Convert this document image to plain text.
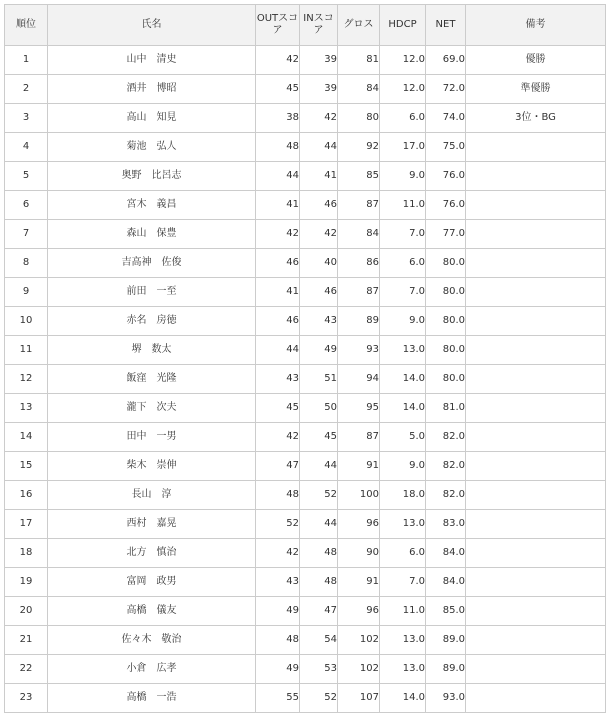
順位	氏名	OUTスコア	INスコア	グロス	HDCP	NET	備考
1	山中　清史	42	39	81	12.0	69.0	優勝
2	酒井　博昭	45	39	84	12.0	72.0	準優勝
3	高山　知見	38	42	80	6.0	74.0	3位・BG
4	菊池　弘人	48	44	92	17.0	75.0	
5	奥野　比呂志	44	41	85	9.0	76.0	
6	宮木　義昌	41	46	87	11.0	76.0	
7	森山　保豊	42	42	84	7.0	77.0	
8	吉高神　佐俊	46	40	86	6.0	80.0	
9	前田　一至	41	46	87	7.0	80.0	
10	赤名　房徳	46	43	89	9.0	80.0	
11	堺　数太	44	49	93	13.0	80.0	
12	飯窪　光隆	43	51	94	14.0	80.0	
13	瀧下　次夫	45	50	95	14.0	81.0	
14	田中　一男	42	45	87	5.0	82.0	
15	柴木　崇伸	47	44	91	9.0	82.0	
16	長山　淳	48	52	100	18.0	82.0	
17	西村　嘉晃	52	44	96	13.0	83.0	
18	北方　慎治	42	48	90	6.0	84.0	
19	富岡　政男	43	48	91	7.0	84.0	
20	高橋　儀友	49	47	96	11.0	85.0	
21	佐々木　敬治	48	54	102	13.0	89.0	
22	小倉　広孝	49	53	102	13.0	89.0	
23	高橋　一浩	55	52	107	14.0	93.0	
